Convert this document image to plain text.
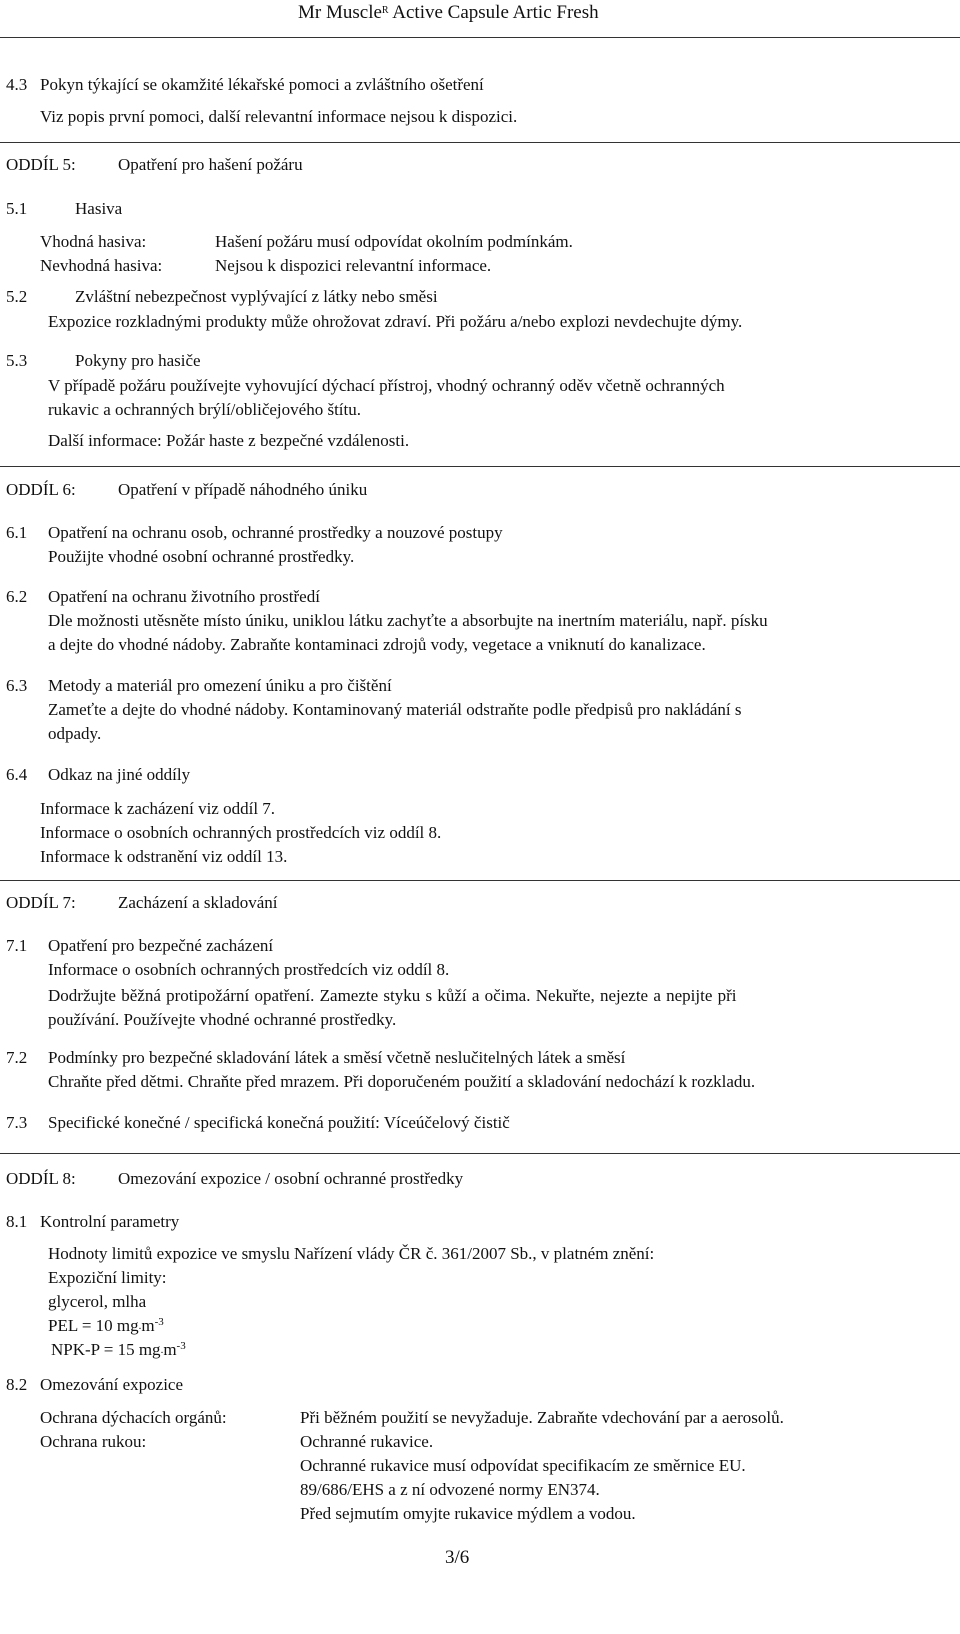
Mr Muscle$^R$ Active Capsule Artic Fresh
4.3 Pokyn týkající se okamžité lékařské pomoci a zvláštního ošetření
Viz popis první pomoci, další relevantní informace nejsou k dispozici.
ODDÍL 5: Opatření pro hašení požáru
5.1	Hasiva
Vhodná hasiva:	Hašení požáru musí odpovídat okolním podmínkám.
Nevhodná hasiva:	Nejsou k dispozici relevantní informace.
5.2	Zvláštní nebezpečnost vyplývající z látky nebo směsi
Expozice rozkladnými produkty může ohrožovat zdraví. Při požáru a/nebo explozi nevdechujte dýmy.
5.3	Pokyny pro hasiče
V případě požáru používejte vyhovující dýchací přístroj, vhodný ochranný oděv včetně ochranných
rukavic a ochranných brýlí/obličejového štítu.
Další informace: Požár haste z bezpečné vzdálenosti.
ODDÍL 6: Opatření v případě náhodného úniku
6.1 Opatření na ochranu osob, ochranné prostředky a nouzové postupy
Použijte vhodné osobní ochranné prostředky.
6.2 Opatření na ochranu životního prostředí
Dle možnosti utěsněte místo úniku, uniklou látku zachyťte a absorbujte na inertním materiálu, např. písku
a dejte do vhodné nádoby. Zabraňte kontaminaci zdrojů vody, vegetace a vniknutí do kanalizace.
6.3 Metody a materiál pro omezení úniku a pro čištění
Zameťte a dejte do vhodné nádoby. Kontaminovaný materiál odstraňte podle předpisů pro nakládání s
odpady.
6.4 Odkaz na jiné oddíly
Informace k zacházení viz oddíl 7.
Informace o osobních ochranných prostředcích viz oddíl 8.
Informace k odstranění viz oddíl 13.
ODDÍL 7: Zacházení a skladování
7.1 Opatření pro bezpečné zacházení
Informace o osobních ochranných prostředcích viz oddíl 8.
Dodržujte běžná protipožární opatření. Zamezte styku s kůží a očima. Nekuřte, nejezte a nepijte při
používání. Používejte vhodné ochranné prostředky.
7.2 Podmínky pro bezpečné skladování látek a směsí včetně neslučitelných látek a směsí
Chraňte před dětmi. Chraňte před mrazem. Při doporučeném použití a skladování nedochází k rozkladu.
7.3 Specifické konečné / specifická konečná použití: Víceúčelový čistič
ODDÍL 8: Omezování expozice / osobní ochranné prostředky
8.1 Kontrolní parametry
Hodnoty limitů expozice ve smyslu Nařízení vlády ČR č. 361/2007 Sb., v platném znění:
Expoziční limity:
glycerol, mlha
PEL = 10 $mg.m^{-3}$
NPK-P = 15 $mg.m^{-3}$
8.2 Omezování expozice
Ochrana dýchacích orgánů:	Při běžném použití se nevyžaduje. Zabraňte vdechování par a aerosolů.
Ochrana rukou:	Ochranné rukavice.
Ochranné rukavice musí odpovídat specifikacím ze směrnice EU.
89/686/EHS a z ní odvozené normy EN374.
Před sejmutím omyjte rukavice mýdlem a vodou.
3/6
